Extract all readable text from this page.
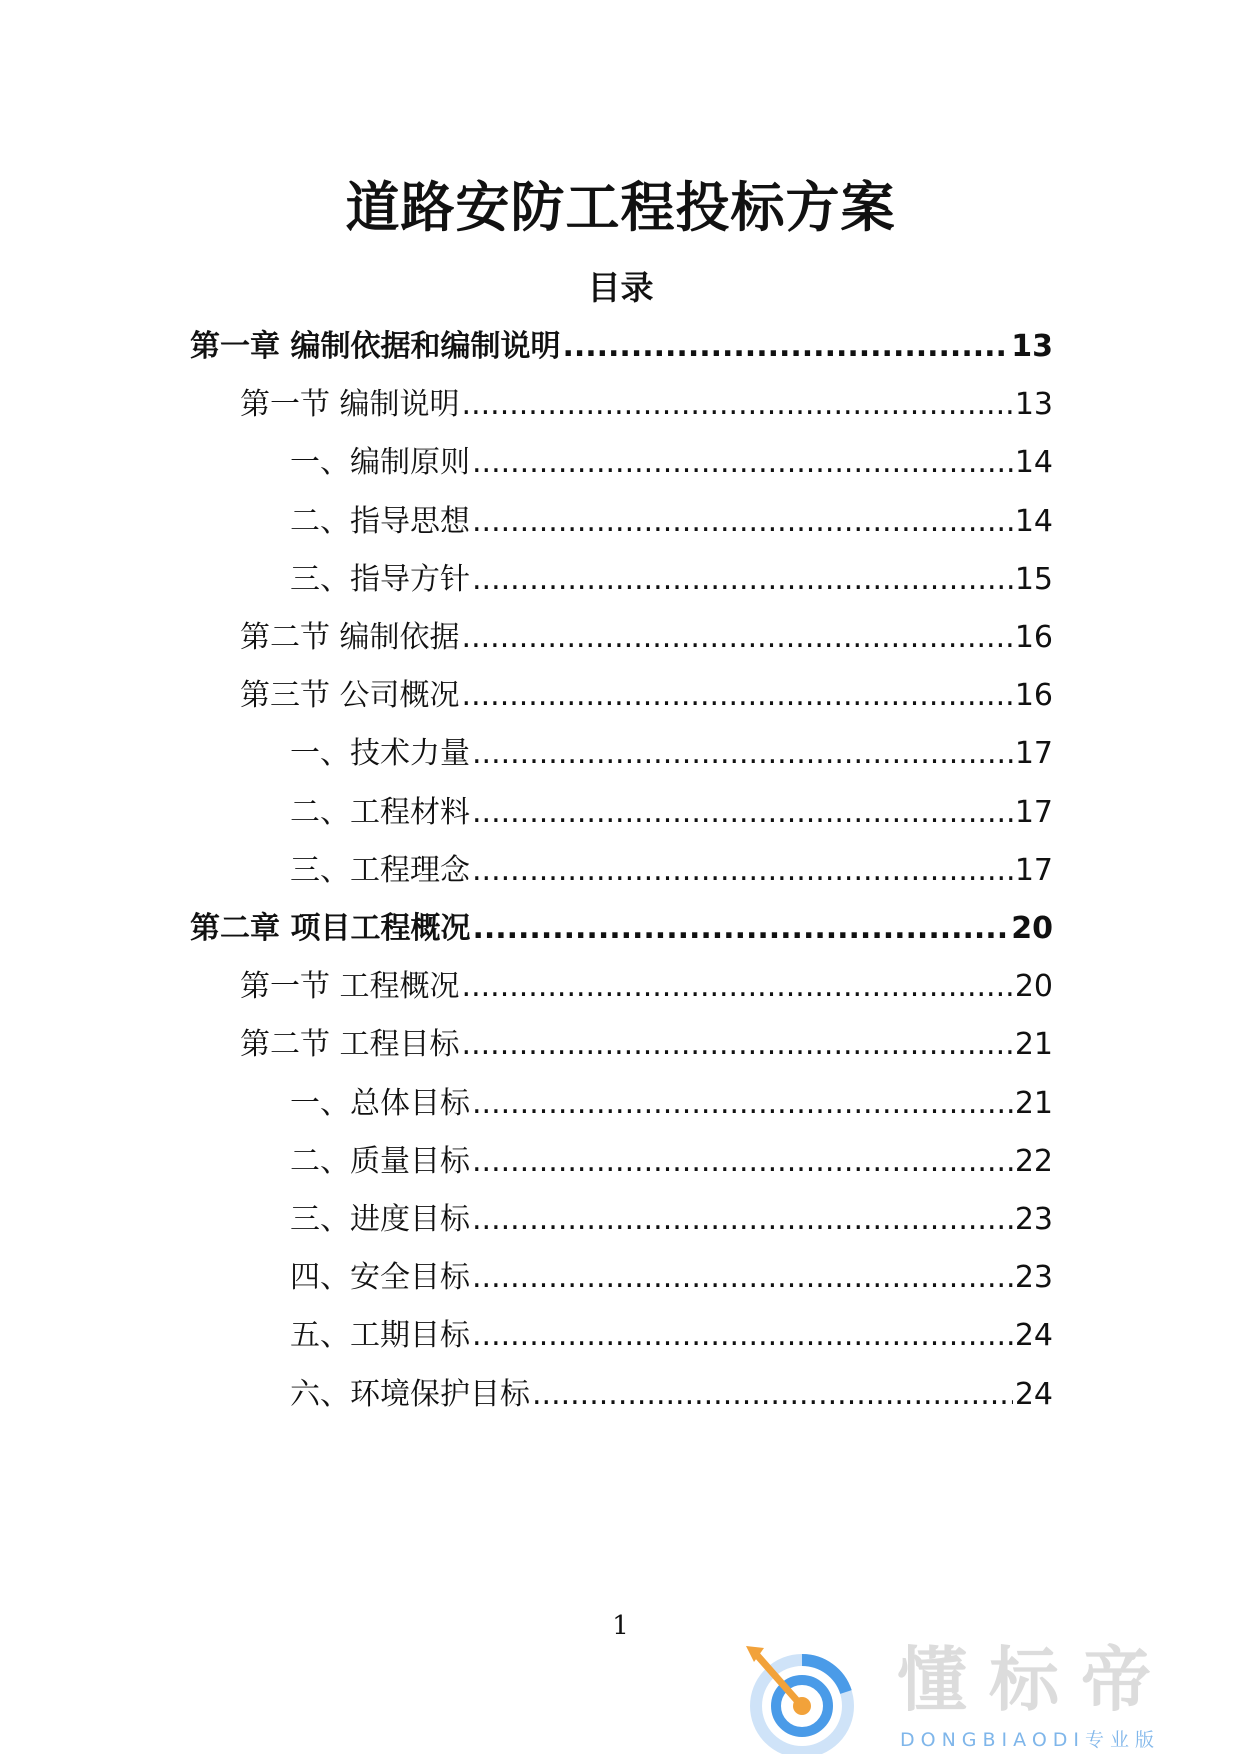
道路安防工程投标方案
目录
第一章 编制依据和编制说明 .....	13
第一节 编制说明 .....	13
一、编制原则 .....	14
二、指导思想 .....	14
三、指导方针 .....	15
第二节 编制依据 .....	16
第三节 公司概况 .....	16
一、技术力量 .....	17
二、工程材料 .....	17
三、工程理念 .....	17
第二章 项目工程概况 .....	20
第一节 工程概况 .....	20
第二节 工程目标 .....	21
一、总体目标 .....	21
二、质量目标 .....	22
三、进度目标 .....	23
四、安全目标 .....	23
五、工期目标 .....	24
六、环境保护目标 .....	24
1
懂标帝
DONGBIAODI专业版
